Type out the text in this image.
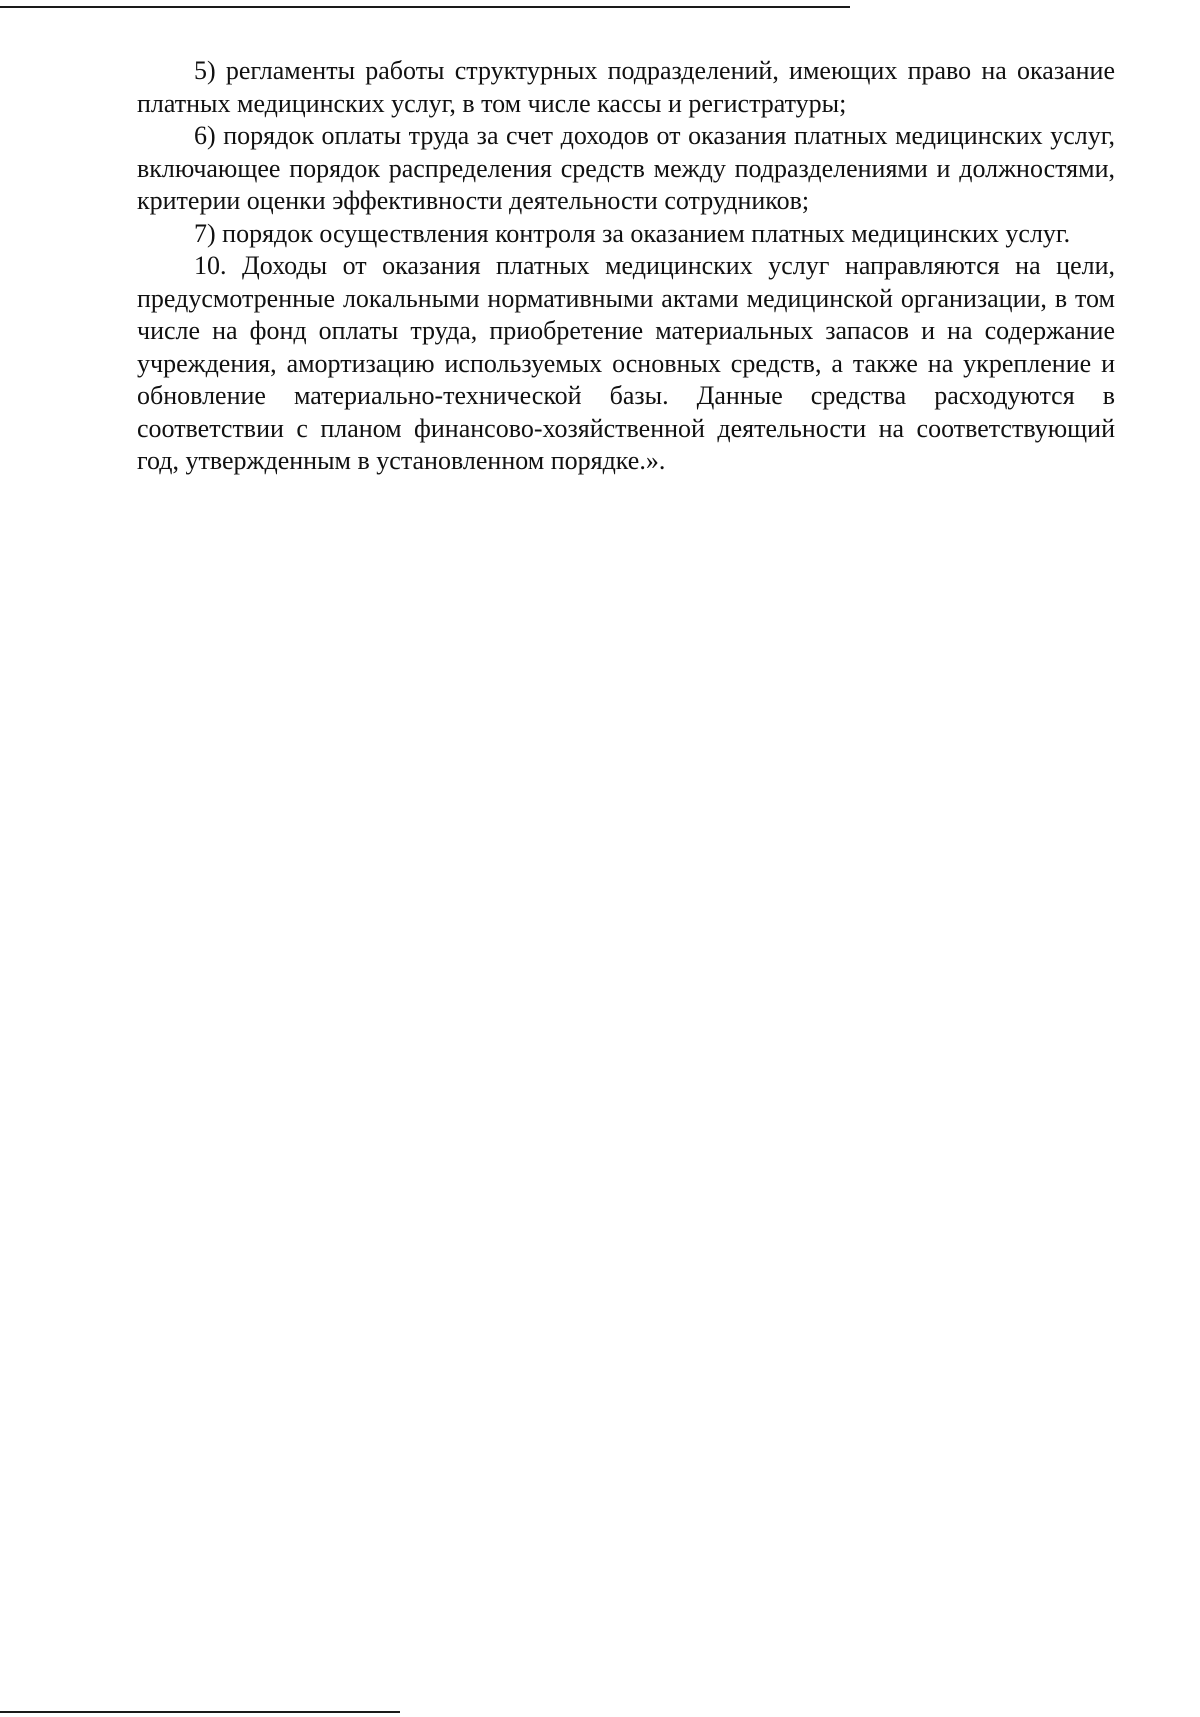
5) регламенты работы структурных подразделений, имеющих право на оказание платных медицинских услуг, в том числе кассы и регистратуры;

6) порядок оплаты труда за счет доходов от оказания платных медицинских услуг, включающее порядок распределения средств между подразделениями и должностями, критерии оценки эффективности деятельности сотрудников;

7) порядок осуществления контроля за оказанием платных медицинских услуг.

10. Доходы от оказания платных медицинских услуг направляются на цели, предусмотренные локальными нормативными актами медицинской организации, в том числе на фонд оплаты труда, приобретение материальных запасов и на содержание учреждения, амортизацию используемых основных средств, а также на укрепление и обновление материально-технической базы. Данные средства расходуются в соответствии с планом финансово-хозяйственной деятельности на соответствующий год, утвержденным в установленном порядке.».
